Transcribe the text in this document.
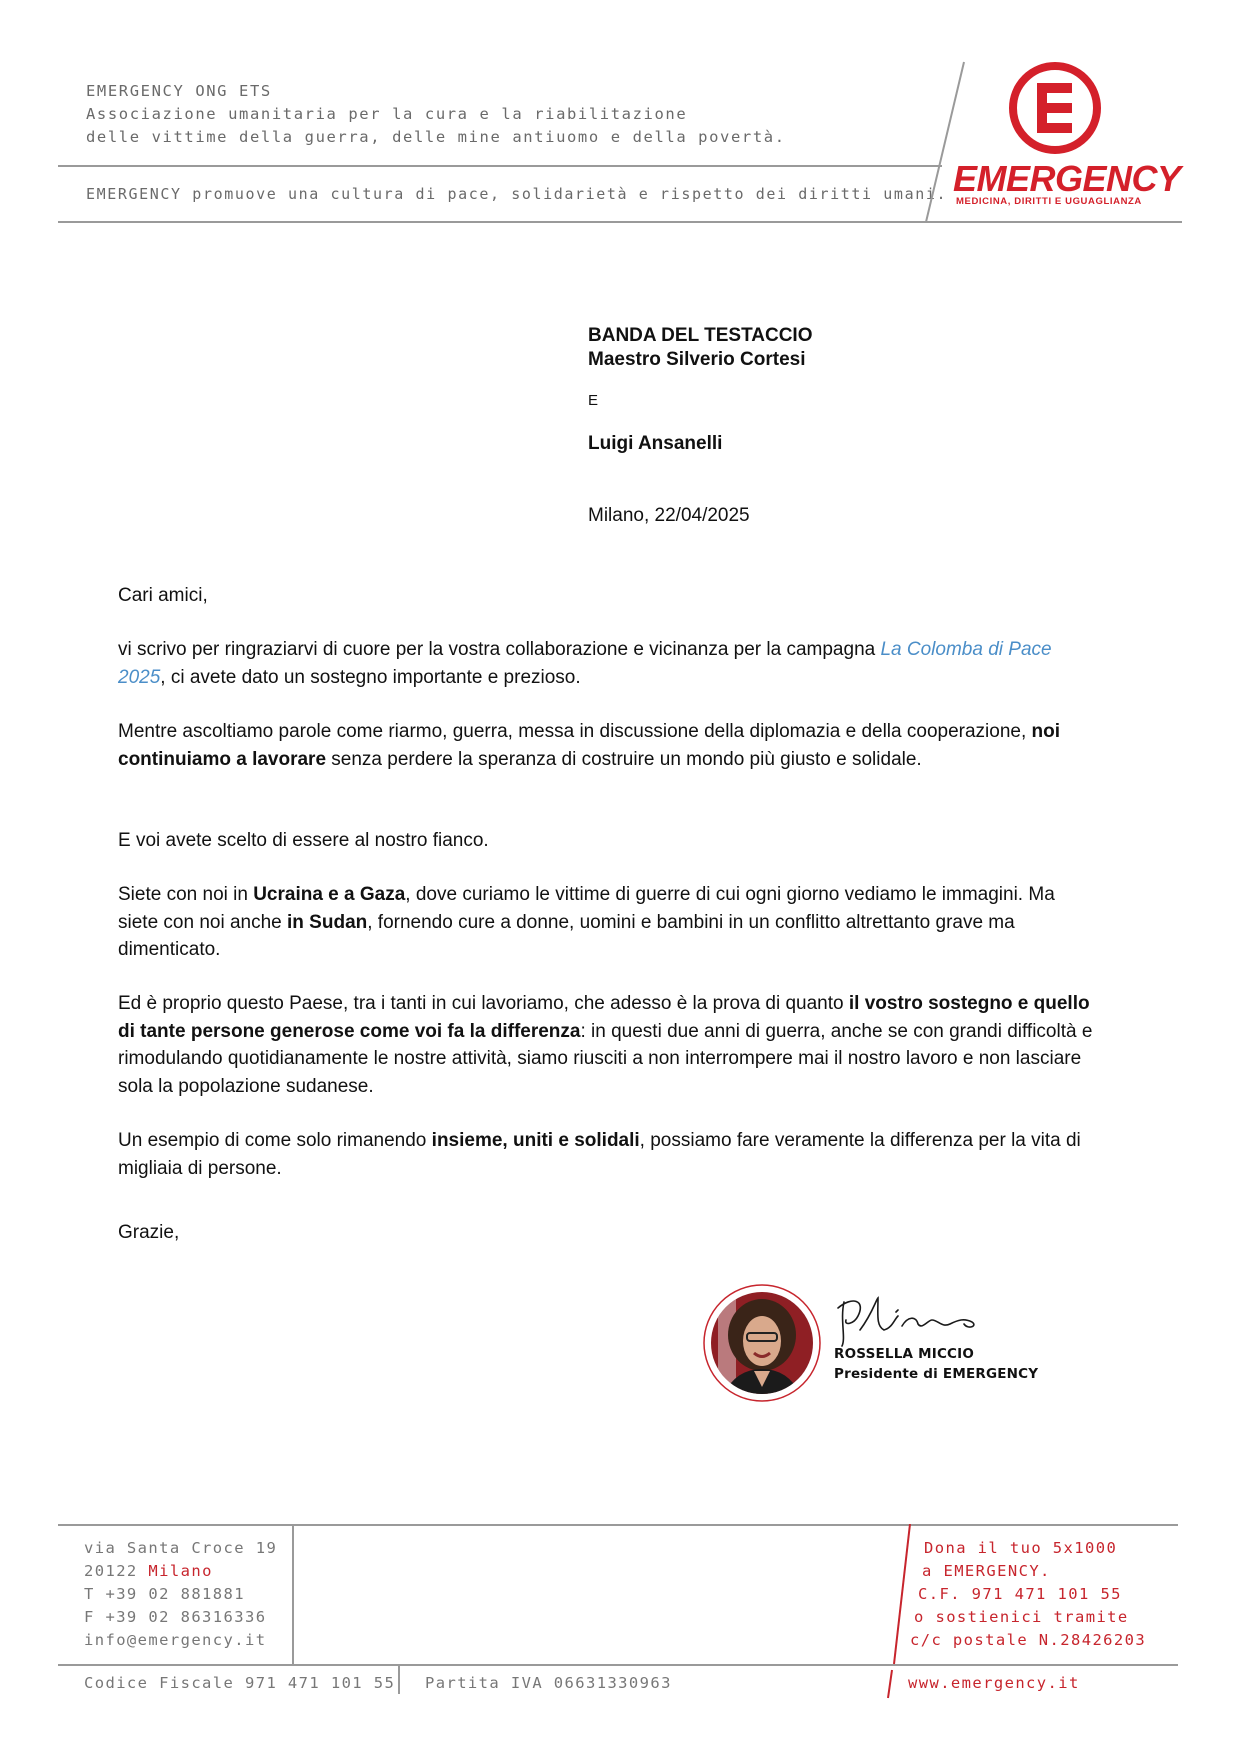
EMERGENCY ONG ETS
Associazione umanitaria per la cura e la riabilitazione
delle vittime della guerra, delle mine antiuomo e della povertà.
EMERGENCY promuove una cultura di pace, solidarietà e rispetto dei diritti umani. EMERGENCY
MEDICINA, DIRITTI E UGUAGLIANZA
BANDA DEL TESTACCIO
Maestro Silverio Cortesi
E
Luigi Ansanelli
Milano, 22/04/2025

Cari amici,

vi scrivo per ringraziarvi di cuore per la vostra collaborazione e vicinanza per la campagna La Colomba di Pace 2025, ci avete dato un sostegno importante e prezioso.

Mentre ascoltiamo parole come riarmo, guerra, messa in discussione della diplomazia e della cooperazione, noi continuiamo a lavorare senza perdere la speranza di costruire un mondo più giusto e solidale.

E voi avete scelto di essere al nostro fianco.

Siete con noi in Ucraina e a Gaza, dove curiamo le vittime di guerre di cui ogni giorno vediamo le immagini. Ma siete con noi anche in Sudan, fornendo cure a donne, uomini e bambini in un conflitto altrettanto grave ma dimenticato.

Ed è proprio questo Paese, tra i tanti in cui lavoriamo, che adesso è la prova di quanto il vostro sostegno e quello di tante persone generose come voi fa la differenza: in questi due anni di guerra, anche se con grandi difficoltà e rimodulando quotidianamente le nostre attività, siamo riusciti a non interrompere mai il nostro lavoro e non lasciare sola la popolazione sudanese.

Un esempio di come solo rimanendo insieme, uniti e solidali, possiamo fare veramente la differenza per la vita di migliaia di persone.

Grazie,

ROSSELLA MICCIO
Presidente di EMERGENCY
via Santa Croce 19
20122 Milano
T +39 02 881881
F +39 02 86316336
info@emergency.it
Dona il tuo 5x1000
a EMERGENCY.
C.F. 971 471 101 55
o sostienici tramite
c/c postale N.28426203
Codice Fiscale 971 471 101 55 Partita IVA 06631330963	www.emergency.it
